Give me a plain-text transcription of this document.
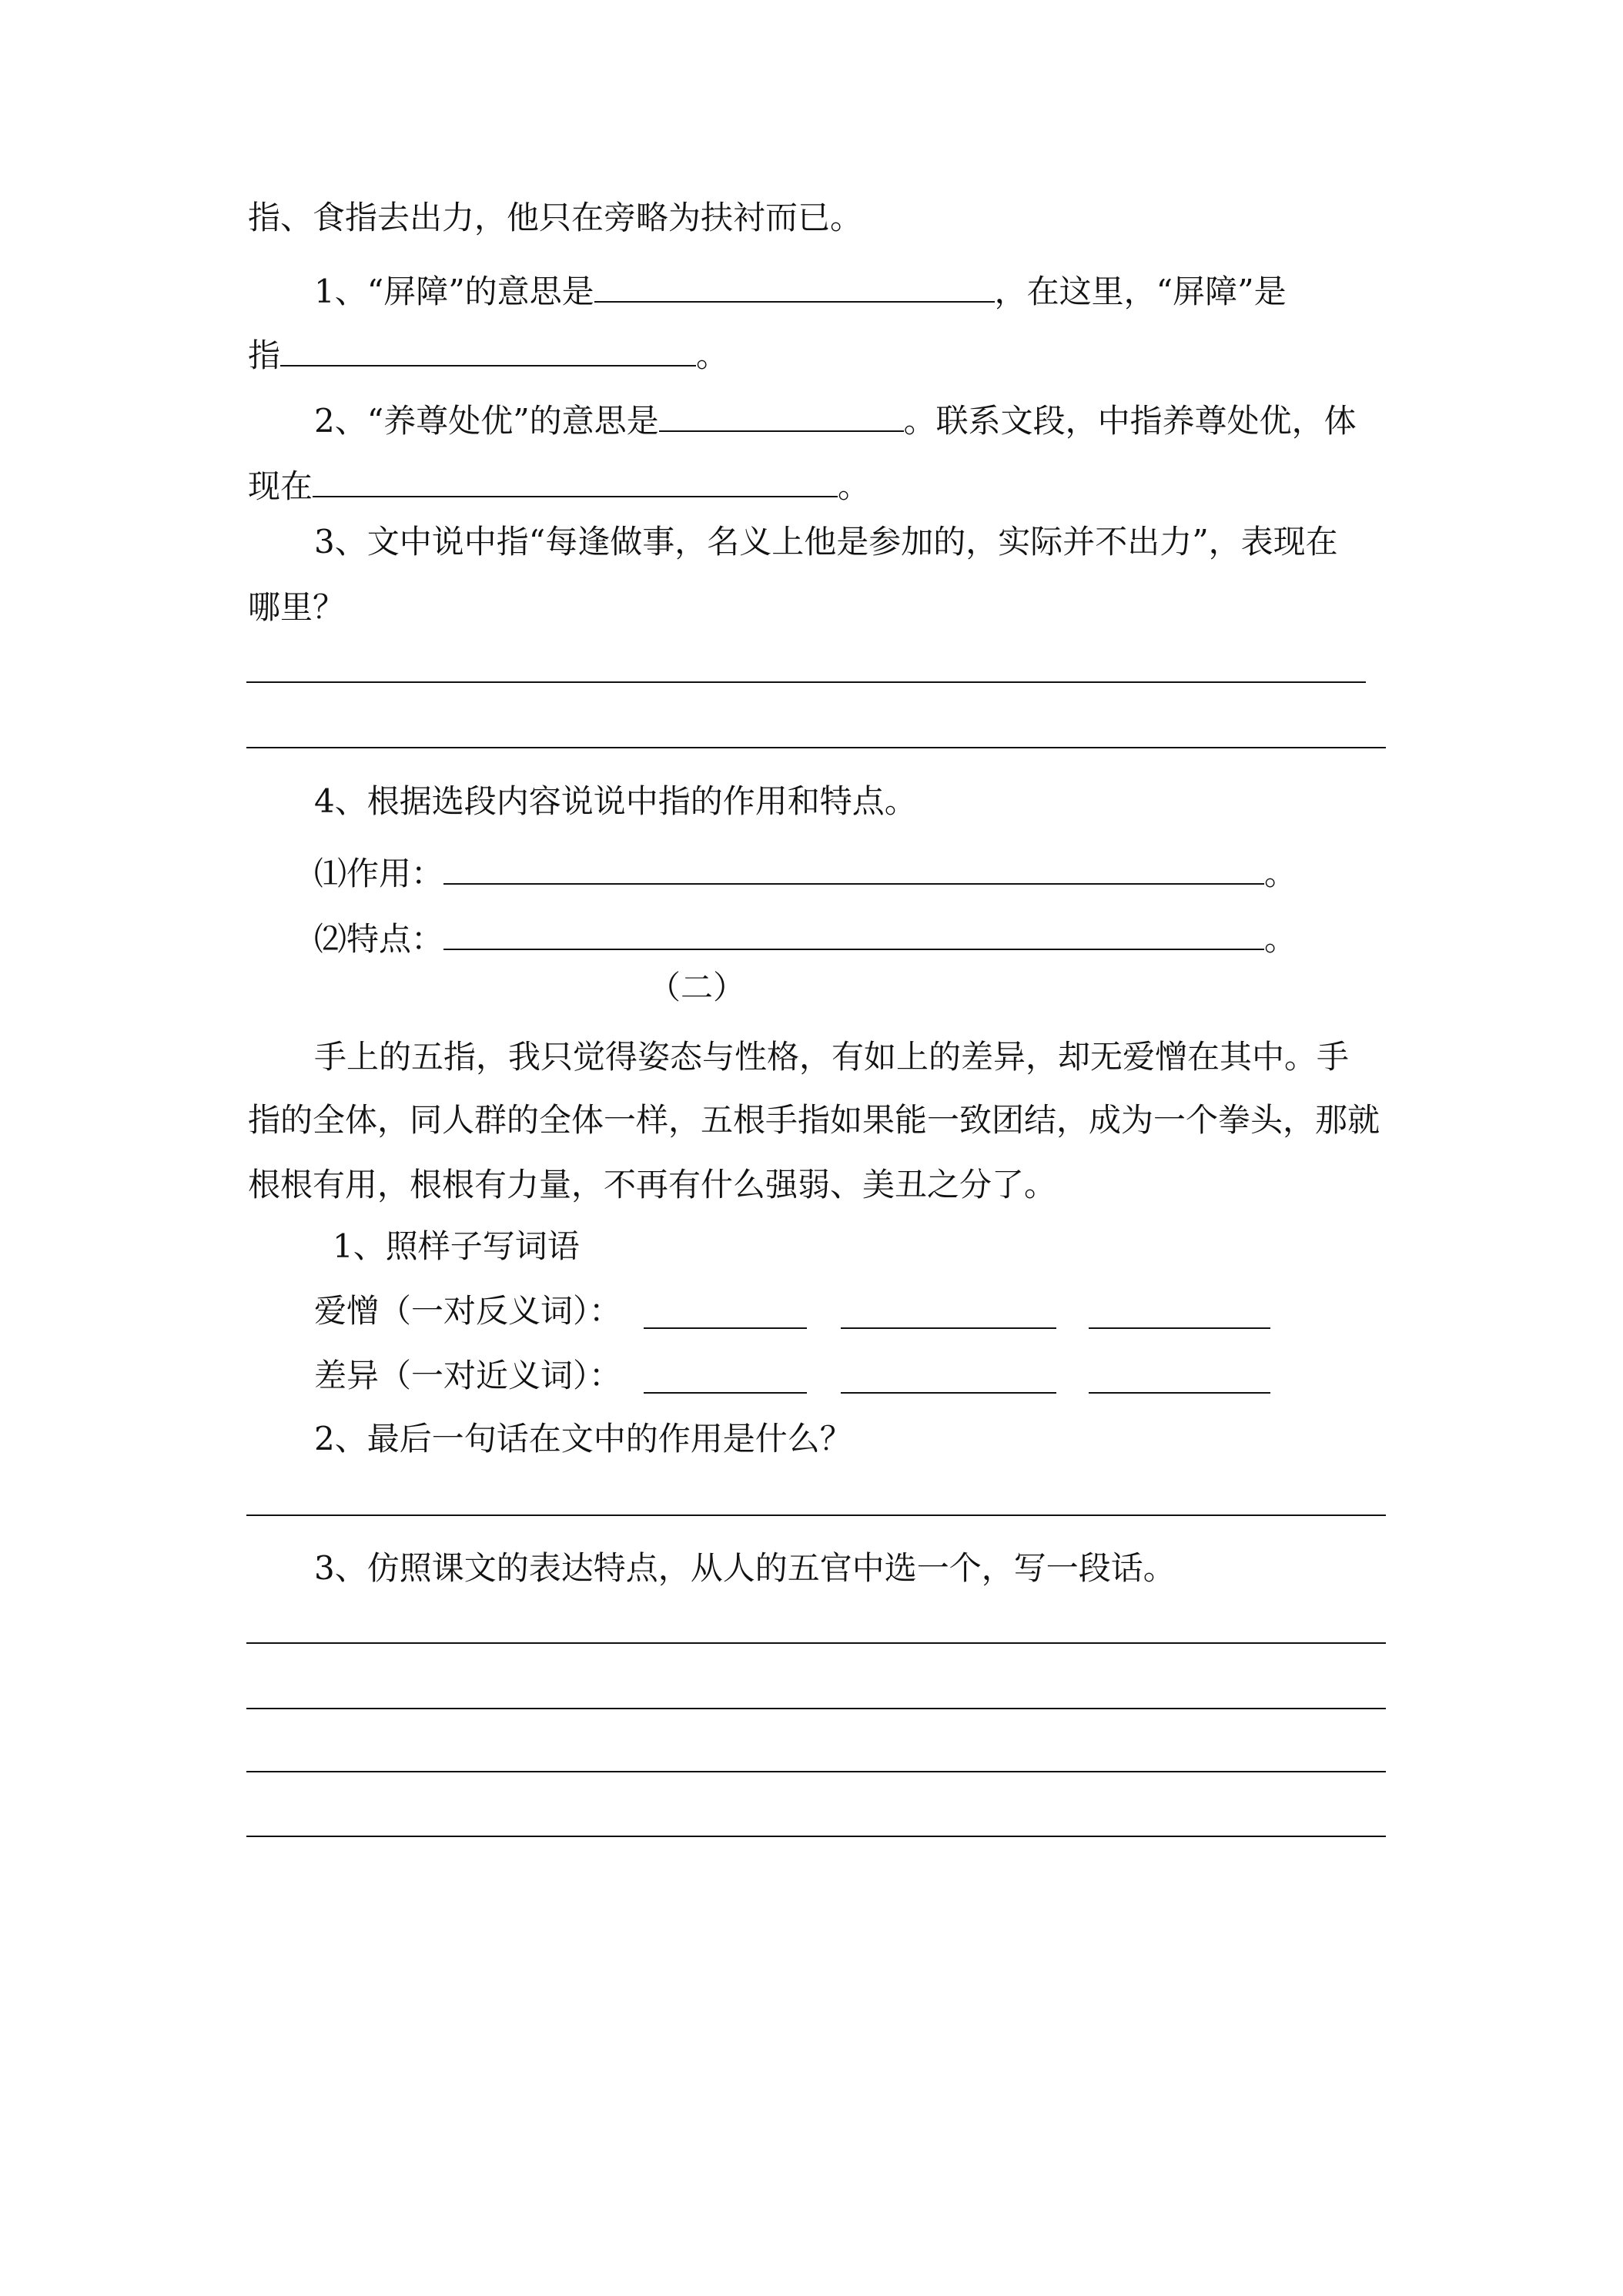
指、食指去出力，他只在旁略为扶衬而已。
1、“屏障”的意思是	，在这里，“屏障”是
指	。
2、“养尊处优”的意思是	。联系文段，中指养尊处优，体
现在	。
3、文中说中指“每逢做事，名义上他是参加的，实际并不出力”，表现在
哪里？
4、根据选段内容说说中指的作用和特点。
⑴作用：	。
⑵特点：	。
（二）
手上的五指，我只觉得姿态与性格，有如上的差异，却无爱憎在其中。手
指的全体，同人群的全体一样，五根手指如果能一致团结，成为一个拳头，那就
根根有用，根根有力量，不再有什么强弱、美丑之分了。
1、照样子写词语
爱憎（一对反义词）：
差异（一对近义词）：
2、最后一句话在文中的作用是什么？
3、仿照课文的表达特点，从人的五官中选一个，写一段话。
